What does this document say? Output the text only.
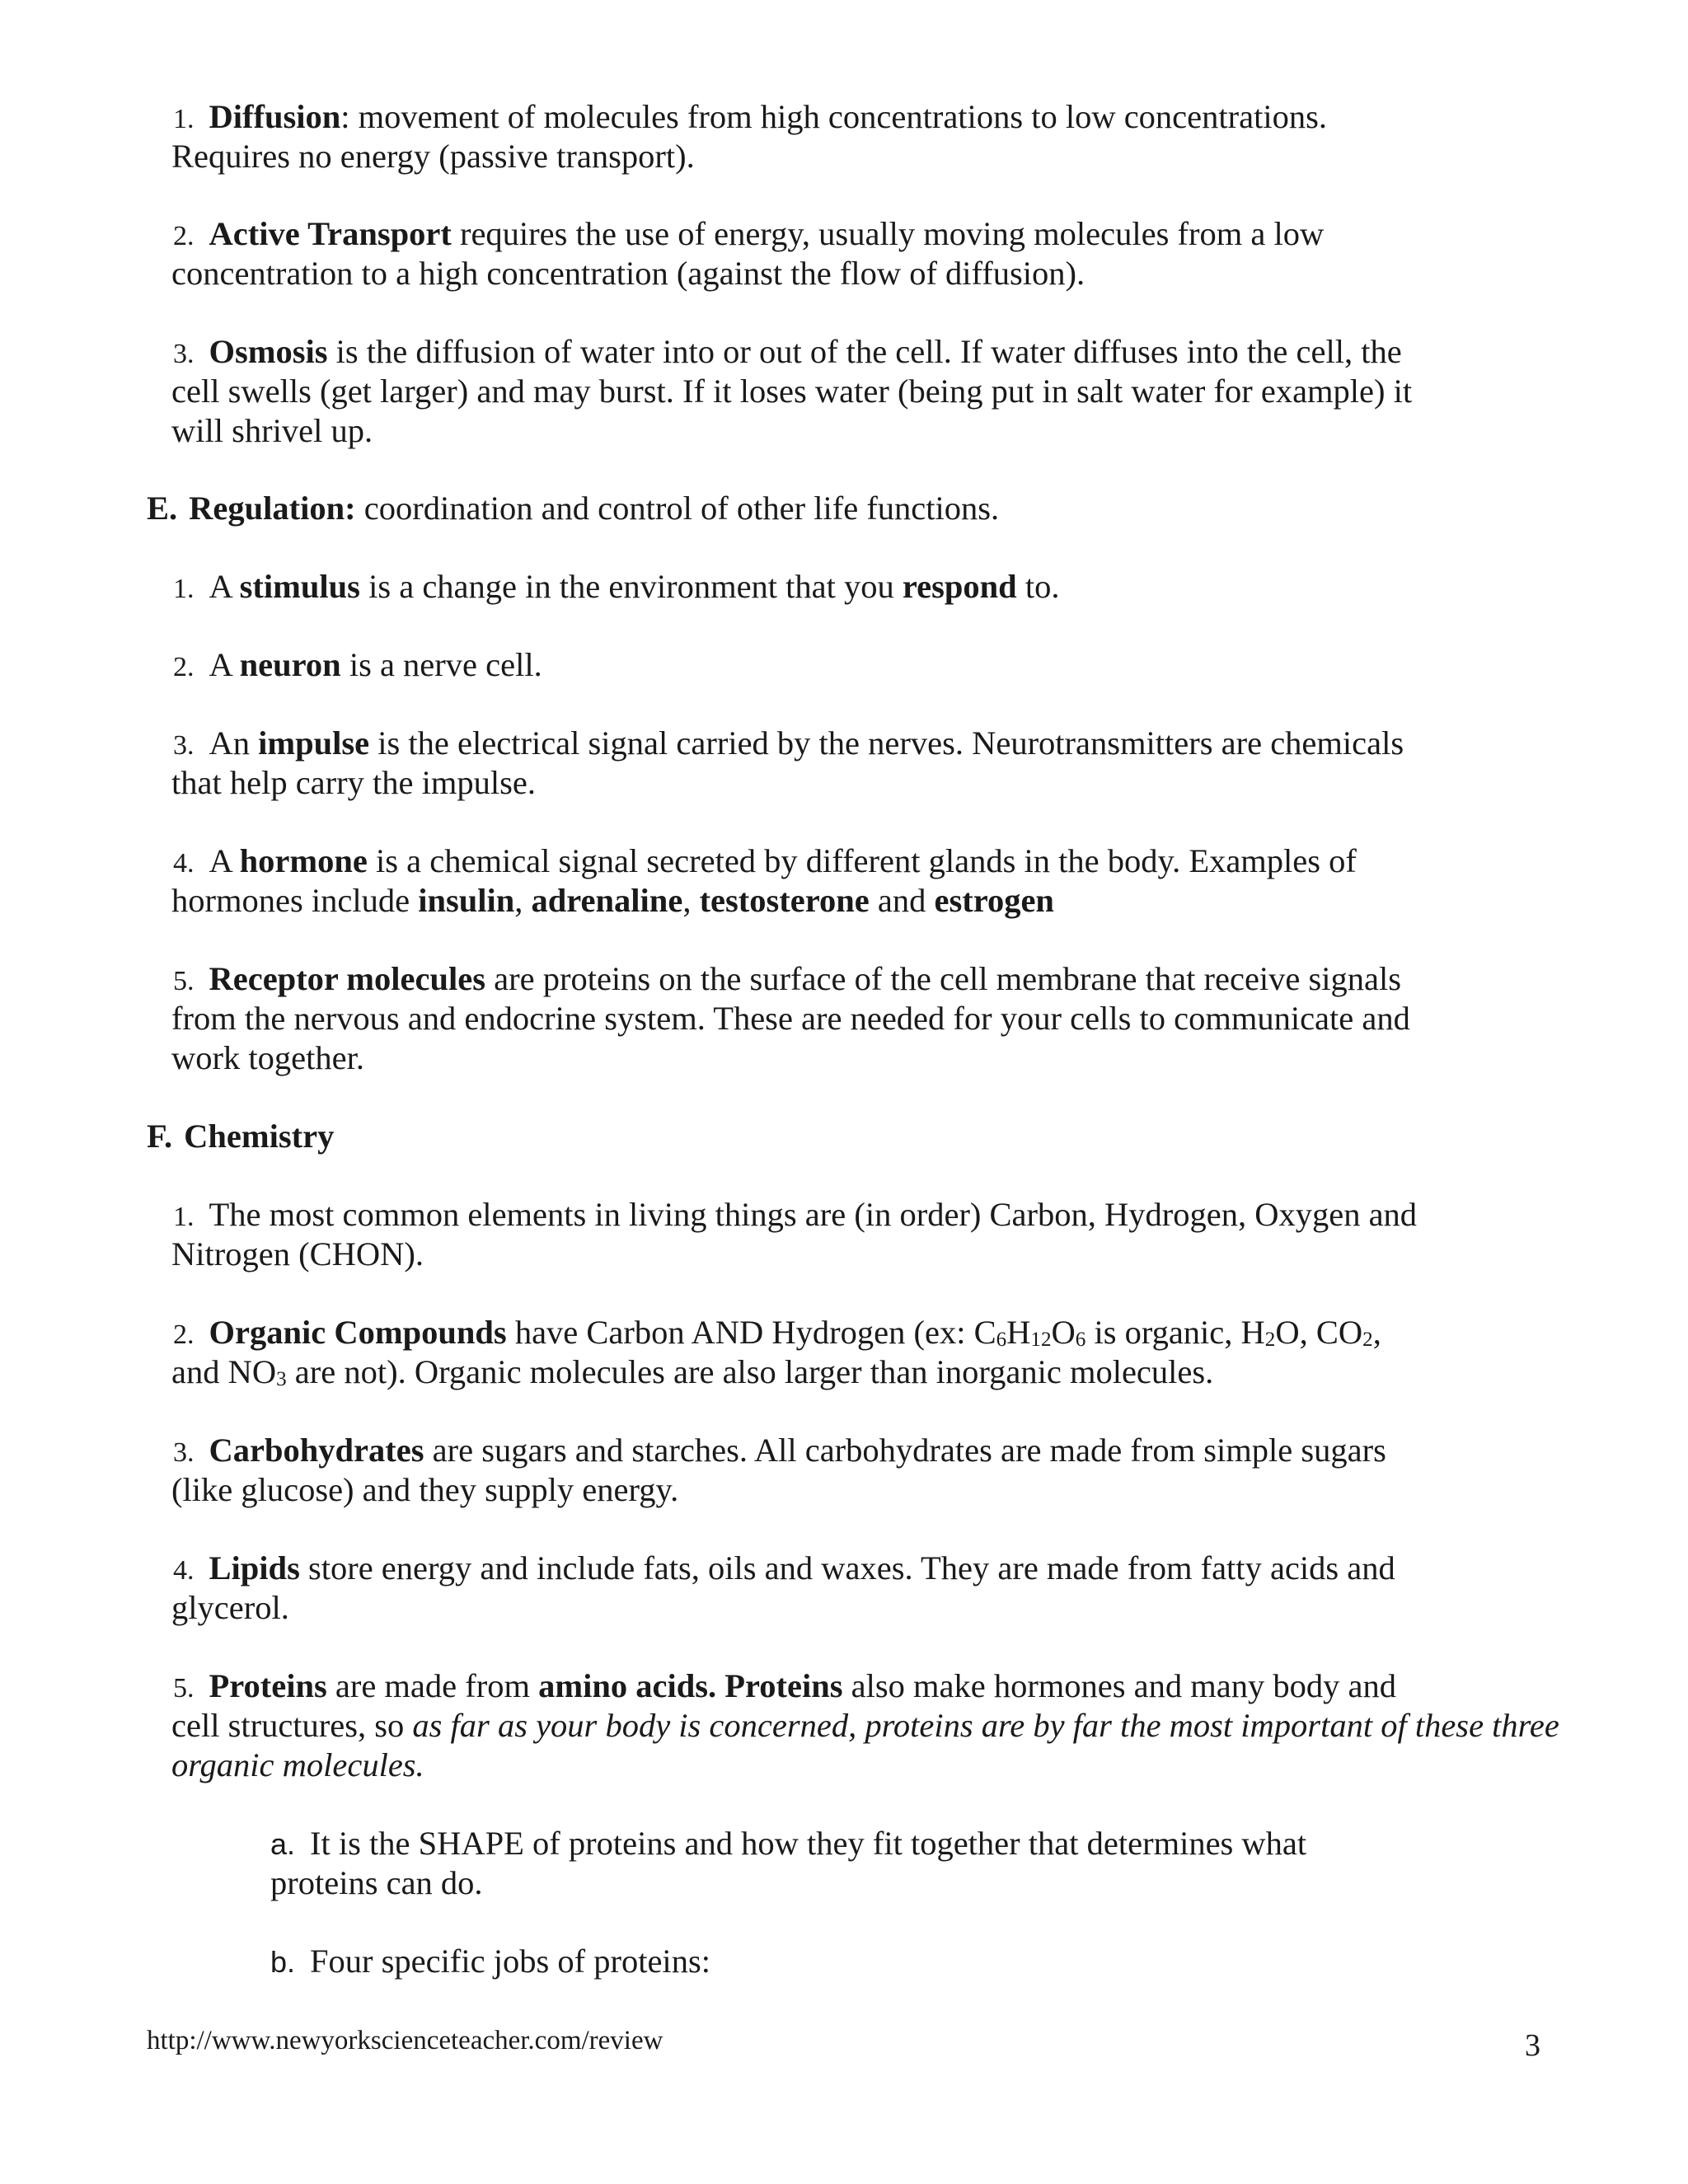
1. Diffusion: movement of molecules from high concentrations to low concentrations.
Requires no energy (passive transport).
2. Active Transport requires the use of energy, usually moving molecules from a low
concentration to a high concentration (against the flow of diffusion).
3. Osmosis is the diffusion of water into or out of the cell. If water diffuses into the cell, the
cell swells (get larger) and may burst. If it loses water (being put in salt water for example) it
will shrivel up.
E. Regulation: coordination and control of other life functions.
1. A stimulus is a change in the environment that you respond to.
2. A neuron is a nerve cell.
3. An impulse is the electrical signal carried by the nerves. Neurotransmitters are chemicals
that help carry the impulse.
4. A hormone is a chemical signal secreted by different glands in the body. Examples of
hormones include insulin, adrenaline, testosterone and estrogen
5. Receptor molecules are proteins on the surface of the cell membrane that receive signals
from the nervous and endocrine system. These are needed for your cells to communicate and
work together.
F. Chemistry
1. The most common elements in living things are (in order) Carbon, Hydrogen, Oxygen and
Nitrogen (CHON).
2. Organic Compounds have Carbon AND Hydrogen (ex: $C_6H_{12}O_6$ is organic, $H_2O$, $CO_2$,
and $NO_3$ are not). Organic molecules are also larger than inorganic molecules.
3. Carbohydrates are sugars and starches. All carbohydrates are made from simple sugars
(like glucose) and they supply energy.
4. Lipids store energy and include fats, oils and waxes. They are made from fatty acids and
glycerol.
5. Proteins are made from amino acids. Proteins also make hormones and many body and
cell structures, so as far as your body is concerned, proteins are by far the most important of these three
organic molecules.
a. It is the SHAPE of proteins and how they fit together that determines what
proteins can do.
b. Four specific jobs of proteins:
http://www.newyorkscienceteacher.com/review	3
